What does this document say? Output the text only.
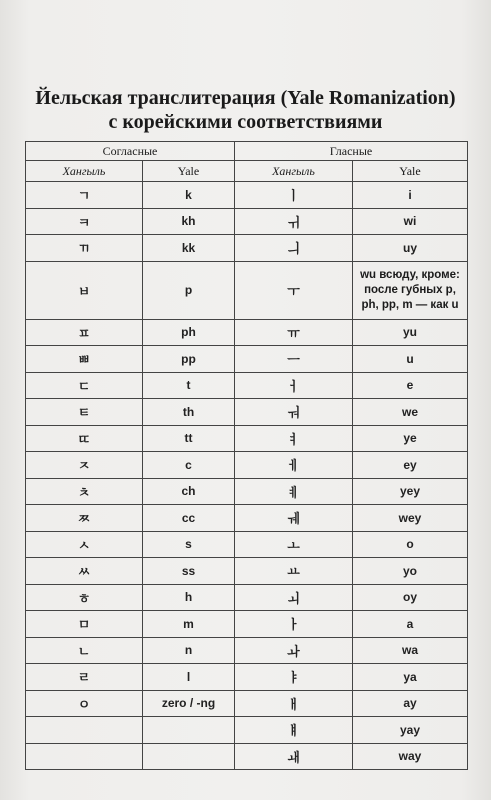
Йельская транслитерация (Yale Romanization)
с корейскими соответствиями
Согласные		Гласные	
Хангыль	Yale	Хангыль	Yale
ㄱ	k	ㅣ	i
ㅋ	kh	ㅟ	wi
ㄲ	kk	ㅢ	uy
ㅂ	p	ㅜ	wu всюду, кроме: после губных p, ph, pp, m — как u
ㅍ	ph	ㅠ	yu
ㅃ	pp	ㅡ	u
ㄷ	t	ㅓ	e
ㅌ	th	ㅝ	we
ㄸ	tt	ㅕ	ye
ㅈ	c	ㅔ	ey
ㅊ	ch	ㅖ	yey
ㅉ	cc	ㅞ	wey
ㅅ	s	ㅗ	o
ㅆ	ss	ㅛ	yo
ㅎ	h	ㅚ	oy
ㅁ	m	ㅏ	a
ㄴ	n	ㅘ	wa
ㄹ	l	ㅑ	ya
ㅇ	zero / -ng	ㅐ	ay
		ㅒ	yay
		ㅙ	way
